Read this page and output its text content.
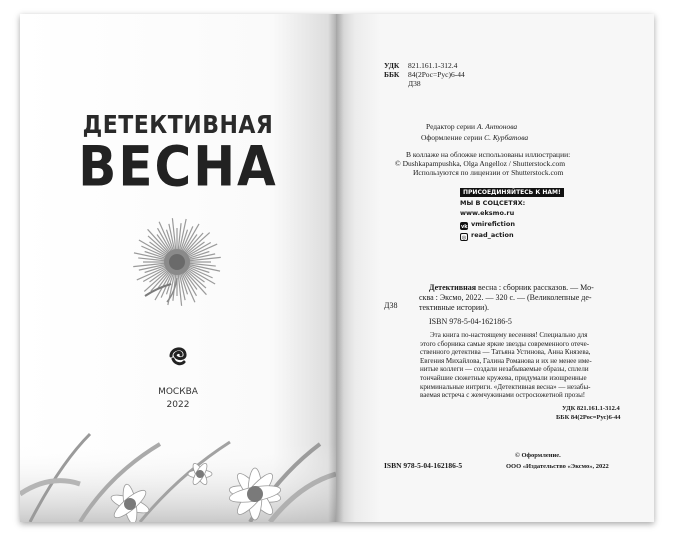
ДЕТЕКТИВНАЯ
ВЕСНА
МОСКВА
2022
УДК 821.161.1-312.4
ББК 84(2Рос=Рус)6-44
Д38
Редактор серии А. Антонова
Оформление серии С. Курбатова
В коллаже на обложке использованы иллюстрации:
© Dushkapampushka, Olga Angelloz / Shutterstock.com
Используются по лицензии от Shutterstock.com
ПРИСОЕДИНЯЙТЕСЬ К НАМ!
МЫ В СОЦСЕТЯХ:
www.eksmo.ru
vk vmirefiction
◎ read_action
Д38
Детективная весна : сборник рассказов. — Мо-
сква : Эксмо, 2022. — 320 с. — (Великолепные де-
тективные истории).
ISBN 978-5-04-162186-5
Эта книга по-настоящему весенняя! Специально для
этого сборника самые яркие звезды современного отече-
ственного детектива — Татьяна Устинова, Анна Князева,
Евгения Михайлова, Галина Романова и их не менее име-
нитые коллеги — создали незабываемые образы, сплели
тончайшие сюжетные кружева, придумали изощренные
криминальные интриги. «Детективная весна» — незабы-
ваемая встреча с жемчужинами остросюжетной прозы!
УДК 821.161.1-312.4
ББК 84(2Рос=Рус)6-44
© Оформление.
ISBN 978-5-04-162186-5	ООО «Издательство «Эксмо», 2022
